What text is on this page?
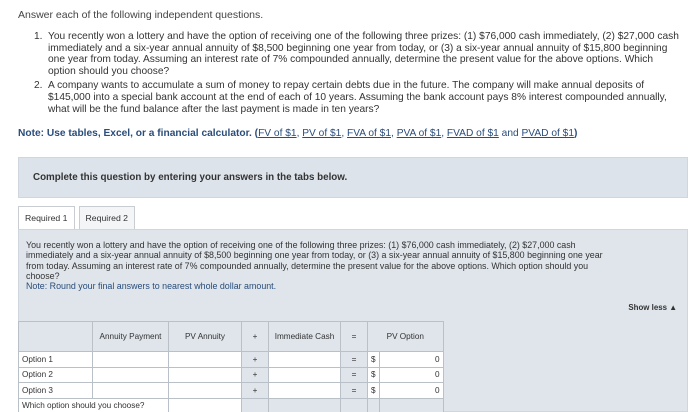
Answer each of the following independent questions.
1. You recently won a lottery and have the option of receiving one of the following three prizes: (1) $76,000 cash immediately, (2) $27,000 cash immediately and a six-year annual annuity of $8,500 beginning one year from today, or (3) a six-year annual annuity of $15,800 beginning one year from today. Assuming an interest rate of 7% compounded annually, determine the present value for the above options. Which option should you choose?
2. A company wants to accumulate a sum of money to repay certain debts due in the future. The company will make annual deposits of $145,000 into a special bank account at the end of each of 10 years. Assuming the bank account pays 8% interest compounded annually, what will be the fund balance after the last payment is made in ten years?
Note: Use tables, Excel, or a financial calculator. (FV of $1, PV of $1, FVA of $1, PVA of $1, FVAD of $1 and PVAD of $1)
Complete this question by entering your answers in the tabs below.
Required 1	Required 2
You recently won a lottery and have the option of receiving one of the following three prizes: (1) $76,000 cash immediately, (2) $27,000 cash immediately and a six-year annual annuity of $8,500 beginning one year from today, or (3) a six-year annual annuity of $15,800 beginning one year from today. Assuming an interest rate of 7% compounded annually, determine the present value for the above options. Which option should you choose?
Note: Round your final answers to nearest whole dollar amount.
Show less ▲
	Annuity Payment	PV Annuity	+	Immediate Cash	=	PV Option	
Option 1			+		=	$	0
Option 2			+		=	$	0
Option 3			+		=	$	0
Which option should you choose?							
